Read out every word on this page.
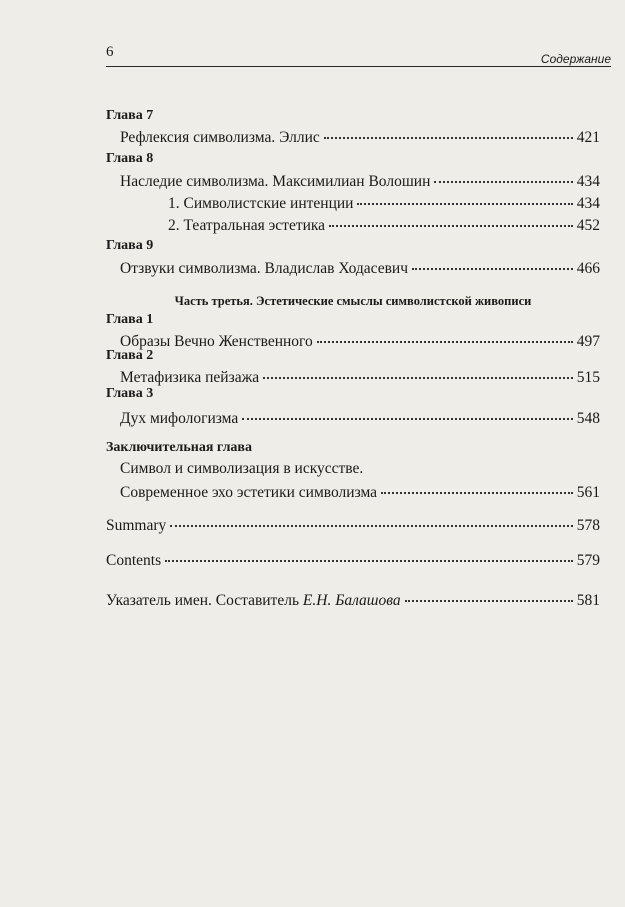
6	Содержание
Глава 7
Рефлексия символизма. Эллис	421
Глава 8
Наследие символизма. Максимилиан Волошин	434
1. Символистские интенции	434
2. Театральная эстетика	452
Глава 9
Отзвуки символизма. Владислав Ходасевич	466
Часть третья. Эстетические смыслы символистской живописи
Глава 1
Образы Вечно Женственного	497
Глава 2
Метафизика пейзажа	515
Глава 3
Дух мифологизма	548
Заключительная глава
Символ и символизация в искусстве.
Современное эхо эстетики символизма	561
Summary	578
Contents	579
Указатель имен. Составитель Е.Н. Балашова	581
